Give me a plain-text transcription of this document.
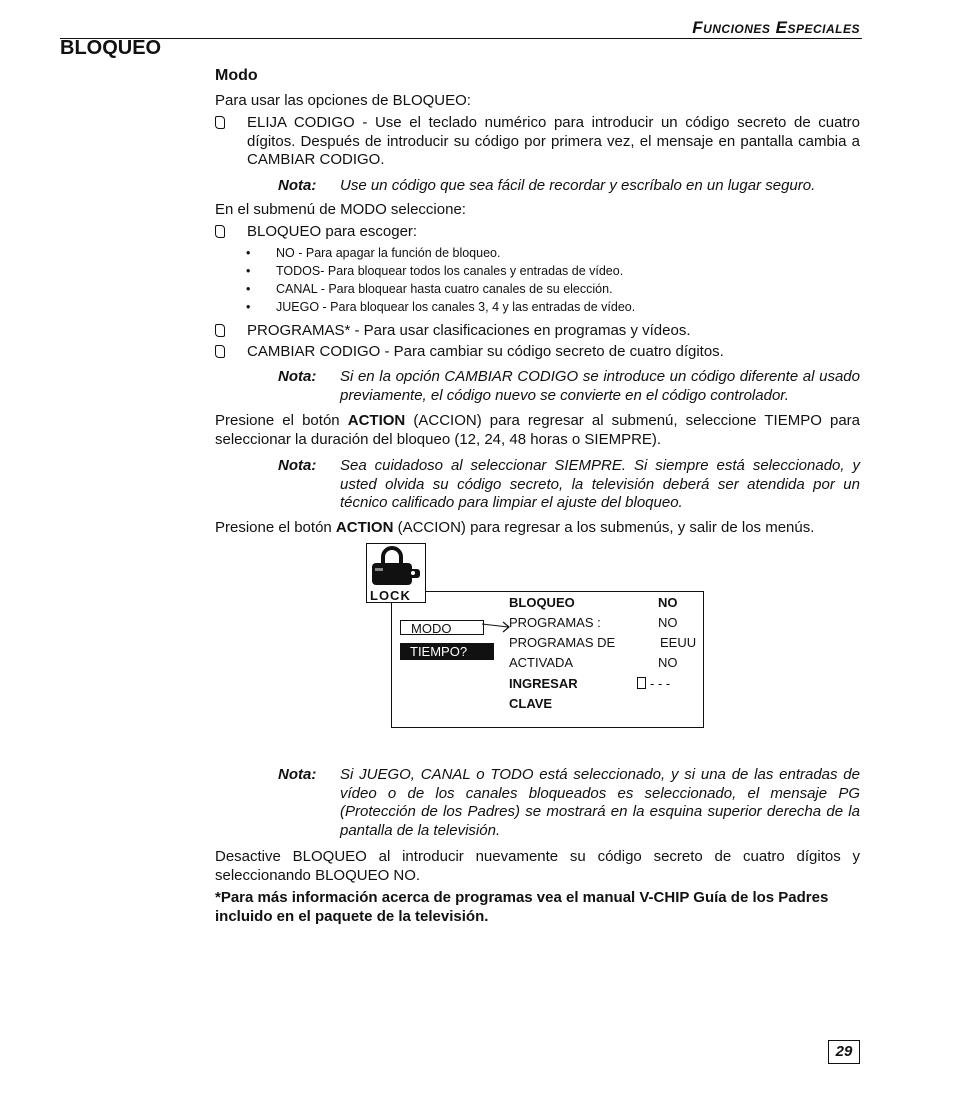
Funciones Especiales
BLOQUEO
Modo
Para usar las opciones de BLOQUEO:
ELIJA CODIGO - Use el teclado numérico para introducir un código secreto de cuatro dígitos. Después de introducir su código por primera vez, el mensaje en pantalla cambia a CAMBIAR CODIGO.
Nota: Use un código que sea fácil de recordar y escríbalo en un lugar seguro.
En el submenú de MODO seleccione:
BLOQUEO para escoger:
• NO - Para apagar la función de bloqueo.
• TODOS- Para bloquear todos los canales y entradas de vídeo.
• CANAL - Para bloquear hasta cuatro canales de su elección.
• JUEGO - Para bloquear los canales 3, 4 y las entradas de vídeo.
PROGRAMAS* - Para usar clasificaciones en programas y vídeos.
CAMBIAR CODIGO - Para cambiar su código secreto de cuatro dígitos.
Nota: Si en la opción CAMBIAR CODIGO se introduce un código diferente al usado previamente, el código nuevo se convierte en el código controlador.
Presione el botón ACTION (ACCION) para regresar al submenú, seleccione TIEMPO para seleccionar la duración del bloqueo (12, 24, 48 horas o SIEMPRE).
Nota: Sea cuidadoso al seleccionar SIEMPRE. Si siempre está seleccionado, y usted olvida su código secreto, la televisión deberá ser atendida por un técnico calificado para limpiar el ajuste del bloqueo.
Presione el botón ACTION (ACCION) para regresar a los submenús, y salir de los menús.
LOCK
MODO
TIEMPO?
BLOQUEO	NO
PROGRAMAS :	NO
PROGRAMAS DE	EEUU
ACTIVADA	NO
INGRESAR	- - -
CLAVE
Nota: Si JUEGO, CANAL o TODO está seleccionado, y si una de las entradas de vídeo o de los canales bloqueados es seleccionado, el mensaje PG (Protección de los Padres) se mostrará en la esquina superior derecha de la pantalla de la televisión.
Desactive BLOQUEO al introducir nuevamente su código secreto de cuatro dígitos y seleccionando BLOQUEO NO.
*Para más información acerca de programas vea el manual V-CHIP Guía de los Padres incluido en el paquete de la televisión.
29
